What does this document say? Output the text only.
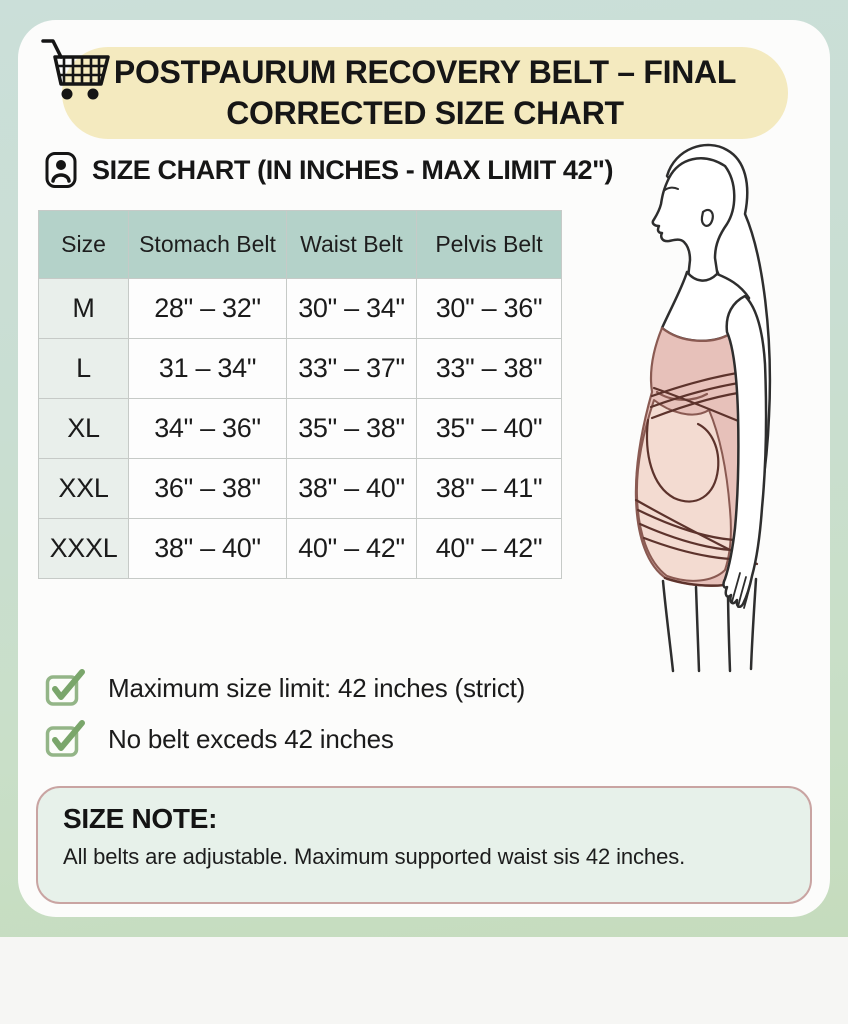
POSTPAURUM RECOVERY BELT – FINAL
CORRECTED SIZE CHART
SIZE CHART (IN INCHES - MAX LIMIT 42")
Size	Stomach Belt	Waist Belt	Pelvis Belt
M	28" – 32"	30" – 34"	30" – 36"
L	31 – 34"	33" – 37"	33" – 38"
XL	34" – 36"	35" – 38"	35" – 40"
XXL	36" – 38"	38" – 40"	38" – 41"
XXXL	38" – 40"	40" – 42"	40" – 42"
Maximum size limit: 42 inches (strict)
No belt exceds 42 inches
SIZE NOTE:
All belts are adjustable. Maximum supported waist sis 42 inches.
